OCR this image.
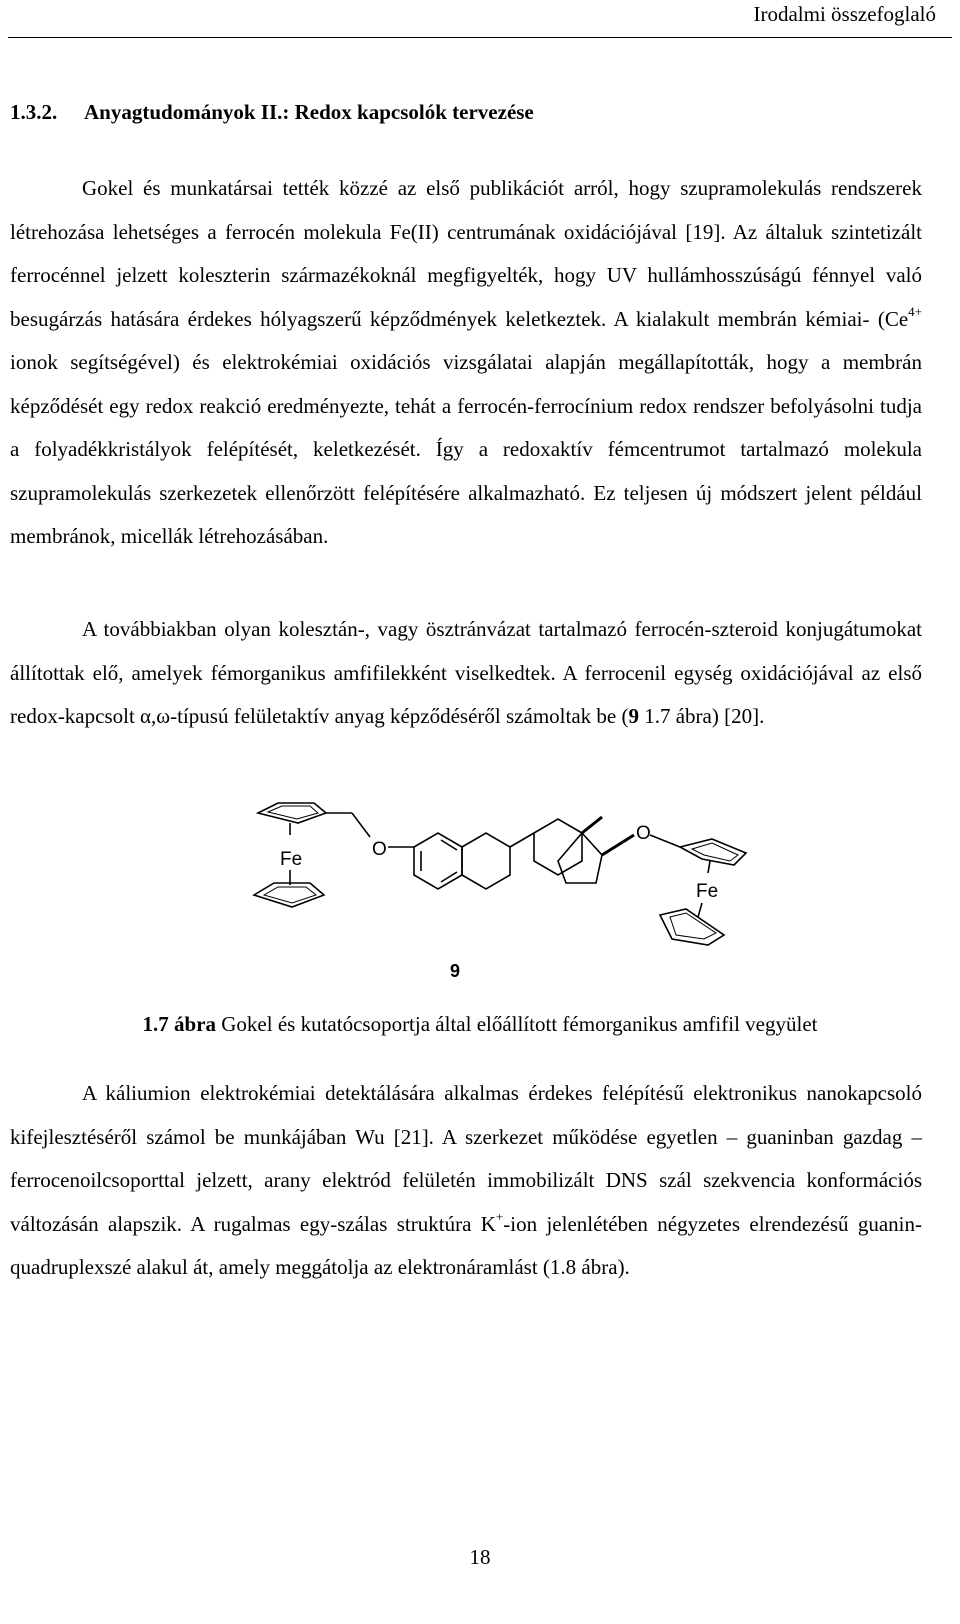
Irodalmi összefoglaló
1.3.2. Anyagtudományok II.: Redox kapcsolók tervezése

Gokel és munkatársai tették közzé az első publikációt arról, hogy szupramolekulás rendszerek létrehozása lehetséges a ferrocén molekula Fe(II) centrumának oxidációjával [19]. Az általuk szintetizált ferrocénnel jelzett koleszterin származékoknál megfigyelték, hogy UV hullámhosszúságú fénnyel való besugárzás hatására érdekes hólyagszerű képződmények keletkeztek. A kialakult membrán kémiai- ($Ce^{4+}$ ionok segítségével) és elektrokémiai oxidációs vizsgálatai alapján megállapították, hogy a membrán képződését egy redox reakció eredményezte, tehát a ferrocén-ferrocínium redox rendszer befolyásolni tudja a folyadékkristályok felépítését, keletkezését. Így a redoxaktív fémcentrumot tartalmazó molekula szupramolekulás szerkezetek ellenőrzött felépítésére alkalmazható. Ez teljesen új módszert jelent például membránok, micellák létrehozásában.

A továbbiakban olyan kolesztán-, vagy ösztránvázat tartalmazó ferrocén-szteroid konjugátumokat állítottak elő, amelyek fémorganikus amfifilekként viselkedtek. A ferrocenil egység oxidációjával az első redox-kapcsolt α,ω-típusú felületaktív anyag képződéséről számoltak be (9 1.7 ábra) [20].

Fe	O
O
Fe
9
1.7 ábra Gokel és kutatócsoportja által előállított fémorganikus amfifil vegyület

A káliumion elektrokémiai detektálására alkalmas érdekes felépítésű elektronikus nanokapcsoló kifejlesztéséről számol be munkájában Wu [21]. A szerkezet működése egyetlen – guaninban gazdag – ferrocenoilcsoporttal jelzett, arany elektród felületén immobilizált DNS szál szekvencia konformációs változásán alapszik. A rugalmas egy-szálas struktúra K+-ion jelenlétében négyzetes elrendezésű guanin-quadruplexszé alakul át, amely meggátolja az elektronáramlást (1.8 ábra).

18
